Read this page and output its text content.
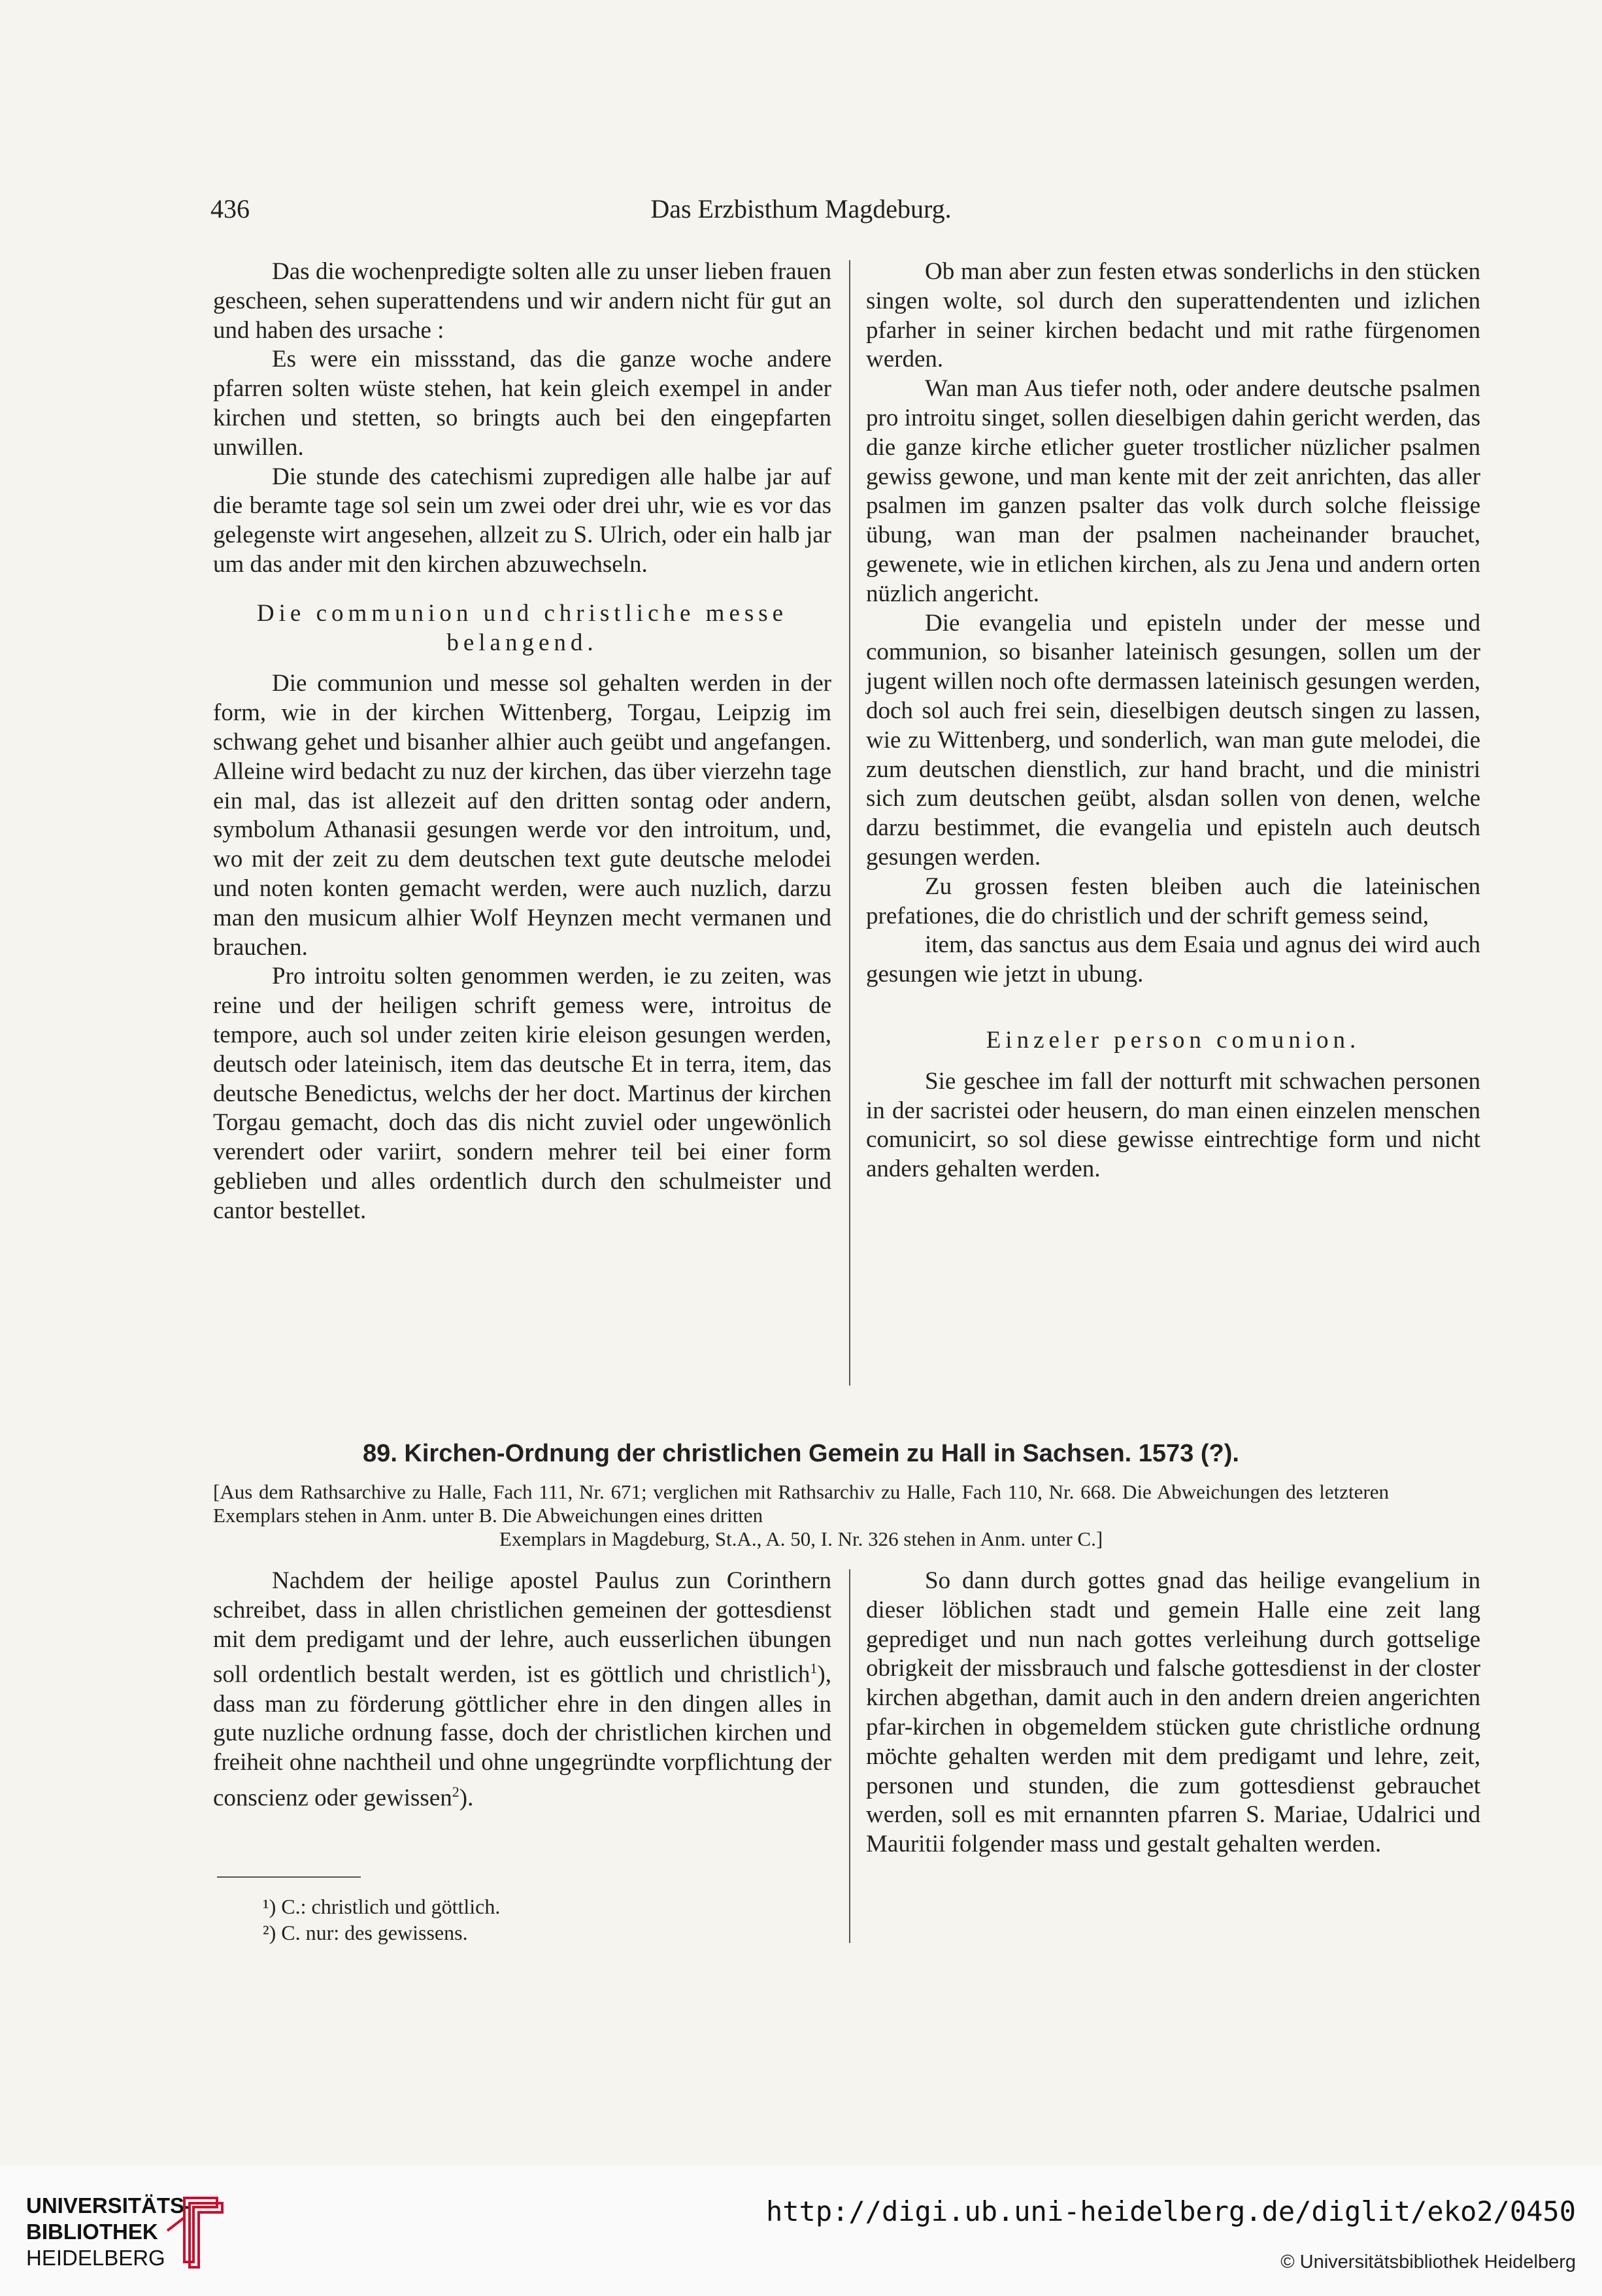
436	Das Erzbisthum Magdeburg.

Das die wochenpredigte solten alle zu unser lieben frauen gescheen, sehen superattendens und wir andern nicht für gut an und haben des ursache :

Es were ein missstand, das die ganze woche andere pfarren solten wüste stehen, hat kein gleich exempel in ander kirchen und stetten, so bringts auch bei den eingepfarten unwillen.

Die stunde des catechismi zupredigen alle halbe jar auf die beramte tage sol sein um zwei oder drei uhr, wie es vor das gelegenste wirt angesehen, allzeit zu S. Ulrich, oder ein halb jar um das ander mit den kirchen abzuwechseln.

Die communion und christliche messe belangend.

Die communion und messe sol gehalten werden in der form, wie in der kirchen Wittenberg, Torgau, Leipzig im schwang gehet und bisanher alhier auch geübt und angefangen. Alleine wird bedacht zu nuz der kirchen, das über vierzehn tage ein mal, das ist allezeit auf den dritten sontag oder andern, symbolum Athanasii gesungen werde vor den introitum, und, wo mit der zeit zu dem deutschen text gute deutsche melodei und noten konten gemacht werden, were auch nuzlich, darzu man den musicum alhier Wolf Heynzen mecht vermanen und brauchen.

Pro introitu solten genommen werden, ie zu zeiten, was reine und der heiligen schrift gemess were, introitus de tempore, auch sol under zeiten kirie eleison gesungen werden, deutsch oder lateinisch, item das deutsche Et in terra, item, das deutsche Benedictus, welchs der her doct. Martinus der kirchen Torgau gemacht, doch das dis nicht zuviel oder ungewönlich verendert oder variirt, sondern mehrer teil bei einer form geblieben und alles ordentlich durch den schulmeister und cantor bestellet.

Ob man aber zun festen etwas sonderlichs in den stücken singen wolte, sol durch den superattendenten und izlichen pfarher in seiner kirchen bedacht und mit rathe fürgenomen werden.

Wan man Aus tiefer noth, oder andere deutsche psalmen pro introitu singet, sollen dieselbigen dahin gericht werden, das die ganze kirche etlicher gueter trostlicher nüzlicher psalmen gewiss gewone, und man kente mit der zeit anrichten, das aller psalmen im ganzen psalter das volk durch solche fleissige übung, wan man der psalmen nacheinander brauchet, gewenete, wie in etlichen kirchen, als zu Jena und andern orten nüzlich angericht.

Die evangelia und episteln under der messe und communion, so bisanher lateinisch gesungen, sollen um der jugent willen noch ofte dermassen lateinisch gesungen werden, doch sol auch frei sein, dieselbigen deutsch singen zu lassen, wie zu Wittenberg, und sonderlich, wan man gute melodei, die zum deutschen dienstlich, zur hand bracht, und die ministri sich zum deutschen geübt, alsdan sollen von denen, welche darzu bestimmet, die evangelia und episteln auch deutsch gesungen werden.

Zu grossen festen bleiben auch die lateinischen prefationes, die do christlich und der schrift gemess seind,

item, das sanctus aus dem Esaia und agnus dei wird auch gesungen wie jetzt in ubung.

Einzeler person comunion.

Sie geschee im fall der notturft mit schwachen personen in der sacristei oder heusern, do man einen einzelen menschen comunicirt, so sol diese gewisse eintrechtige form und nicht anders gehalten werden.

89. Kirchen-Ordnung der christlichen Gemein zu Hall in Sachsen. 1573 (?).
[Aus dem Rathsarchive zu Halle, Fach 111, Nr. 671; verglichen mit Rathsarchiv zu Halle, Fach 110, Nr. 668. Die Abweichungen des letzteren Exemplars stehen in Anm. unter B. Die Abweichungen eines dritten
Exemplars in Magdeburg, St.A., A. 50, I. Nr. 326 stehen in Anm. unter C.]

Nachdem der heilige apostel Paulus zun Corinthern schreibet, dass in allen christlichen gemeinen der gottesdienst mit dem predigamt und der lehre, auch eusserlichen übungen soll ordentlich bestalt werden, ist es göttlich und christlich$^1$), dass man zu förderung göttlicher ehre in den dingen alles in gute nuzliche ordnung fasse, doch der christlichen kirchen und freiheit ohne nachtheil und ohne ungegründte vorpflichtung der conscienz oder gewissen$^2$).

¹) C.: christlich und göttlich.
²) C. nur: des gewissens.

So dann durch gottes gnad das heilige evangelium in dieser löblichen stadt und gemein Halle eine zeit lang geprediget und nun nach gottes verleihung durch gottselige obrigkeit der missbrauch und falsche gottesdienst in der closter kirchen abgethan, damit auch in den andern dreien angerichten pfar-kirchen in obgemeldem stücken gute christliche ordnung möchte gehalten werden mit dem predigamt und lehre, zeit, personen und stunden, die zum gottesdienst gebrauchet werden, soll es mit ernannten pfarren S. Mariae, Udalrici und Mauritii folgender mass und gestalt gehalten werden.

UNIVERSITÄTS-
BIBLIOTHEK
HEIDELBERG
http://digi.ub.uni-heidelberg.de/diglit/eko2/0450
© Universitätsbibliothek Heidelberg
